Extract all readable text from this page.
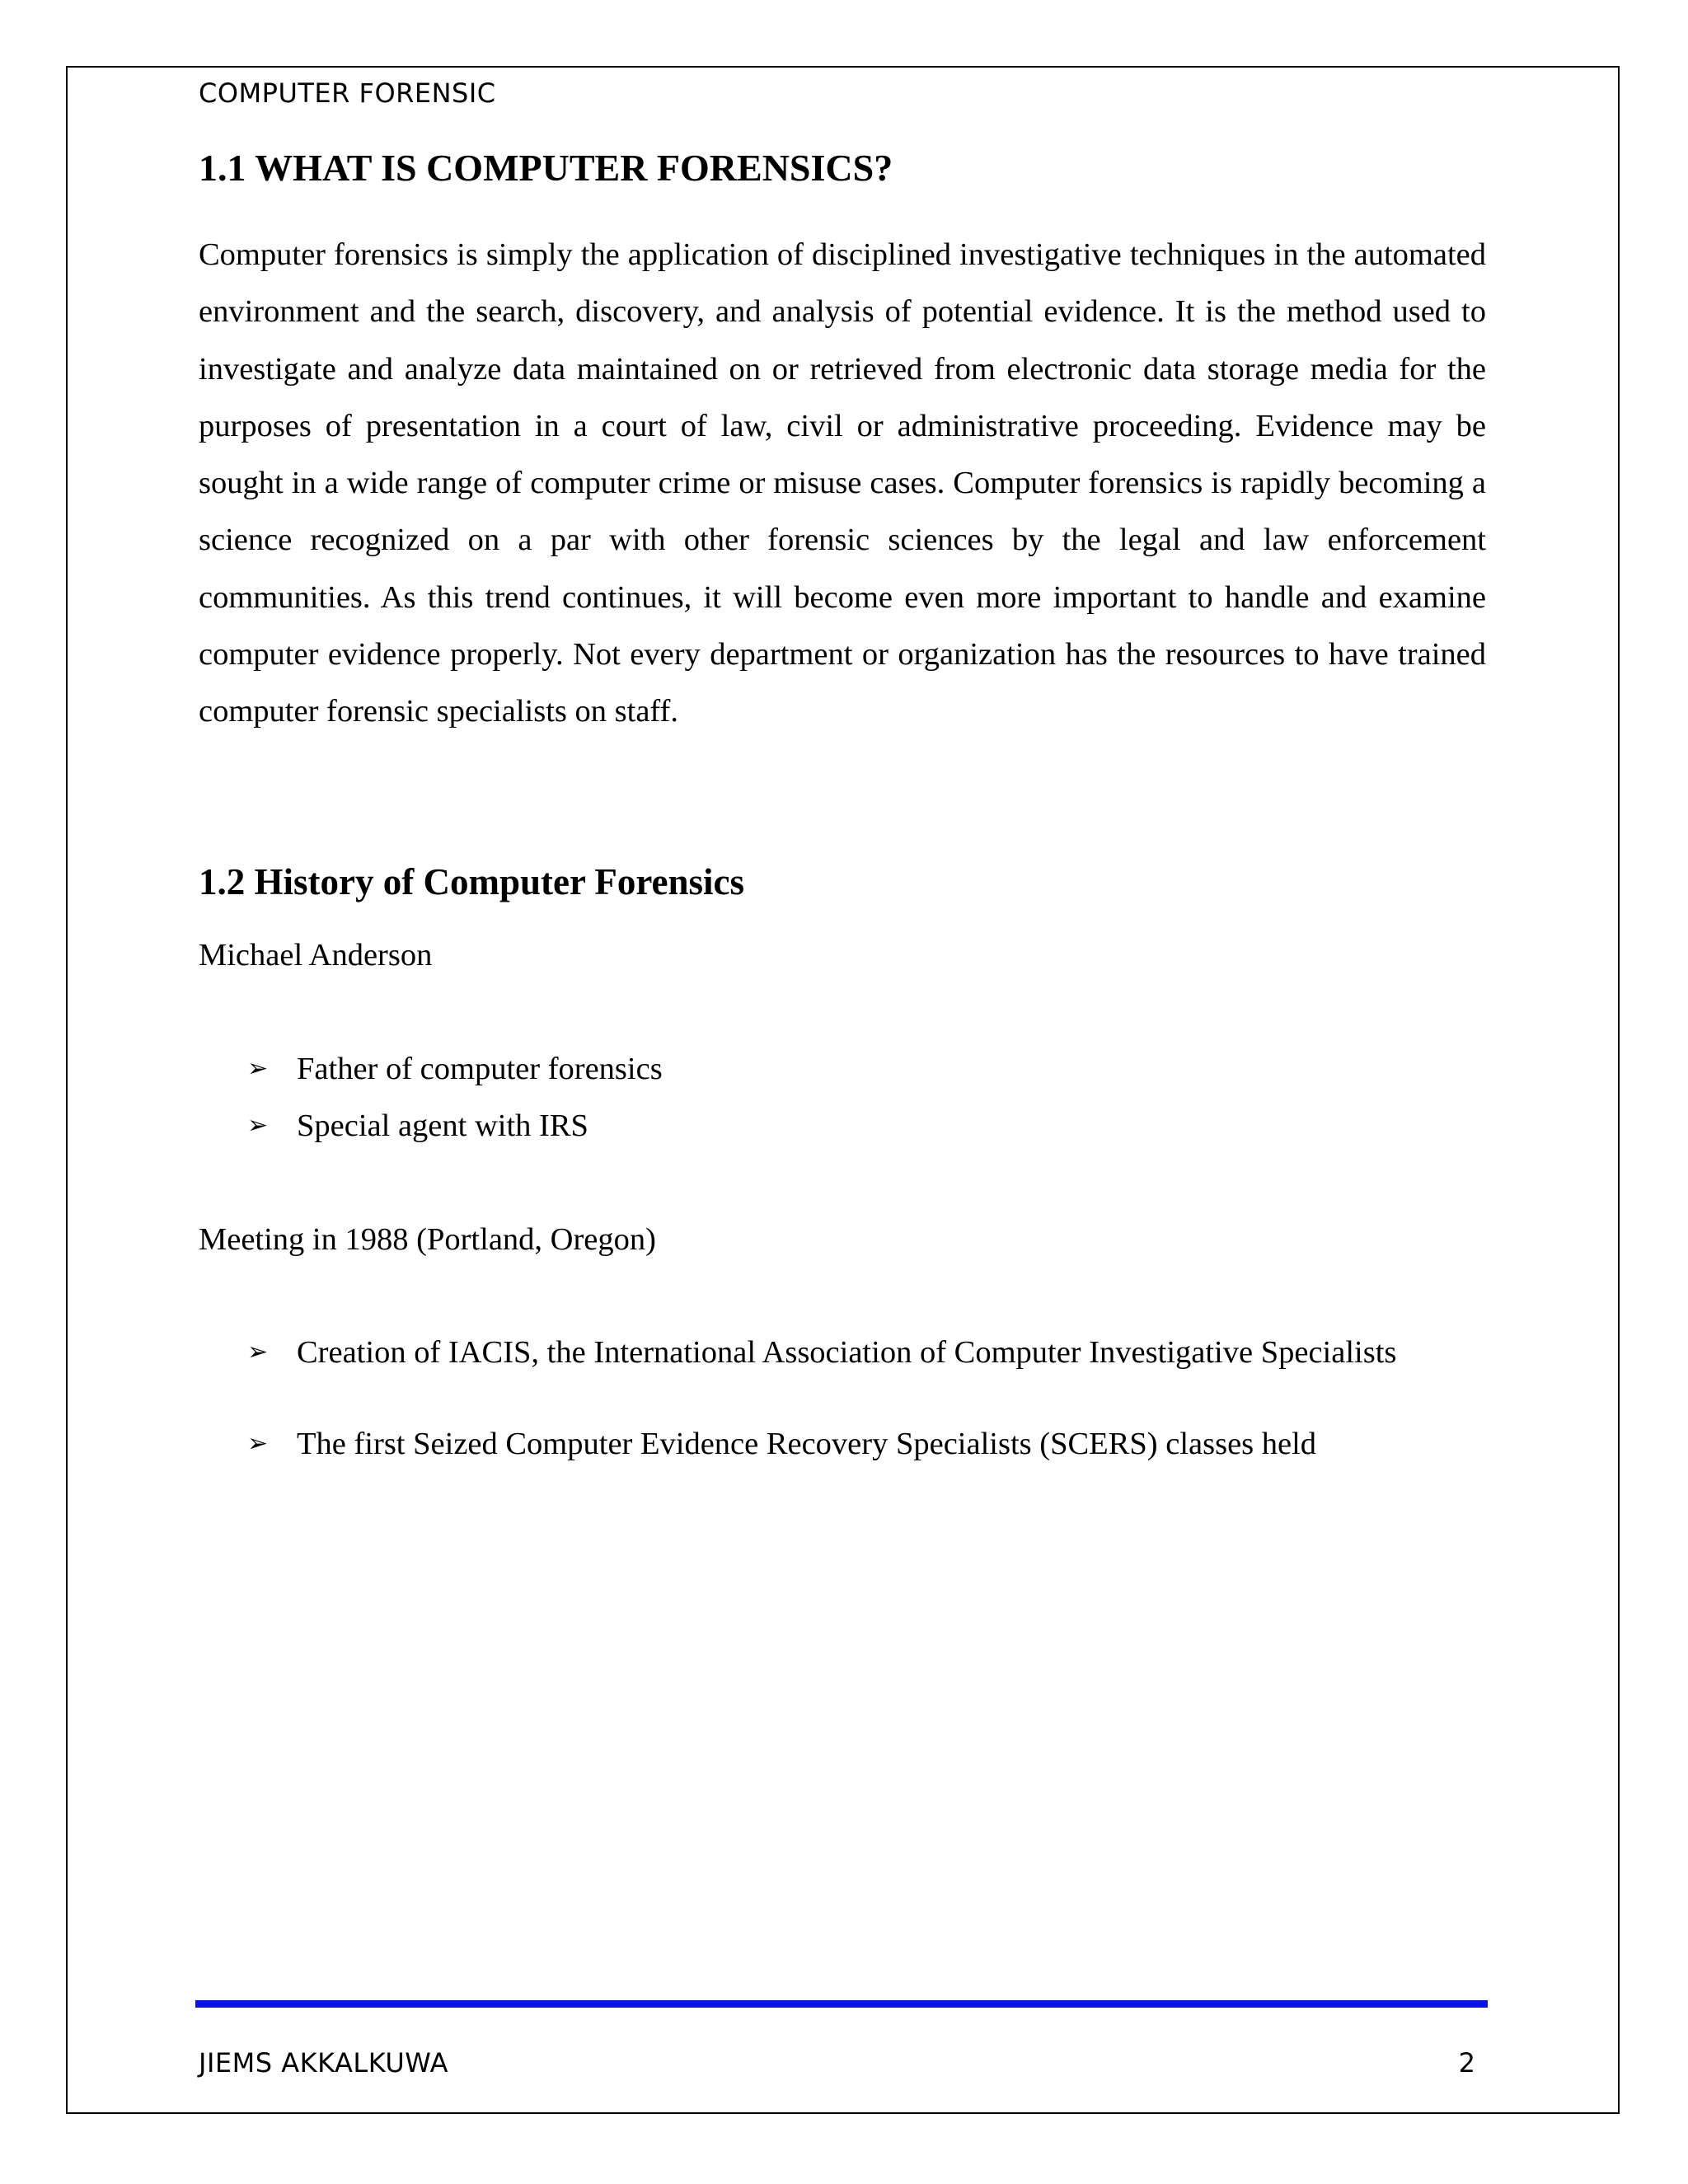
COMPUTER FORENSIC
1.1 WHAT IS COMPUTER FORENSICS?

Computer forensics is simply the application of disciplined investigative techniques in the automated environment and the search, discovery, and analysis of potential evidence. It is the method used to investigate and analyze data maintained on or retrieved from electronic data storage media for the purposes of presentation in a court of law, civil or administrative proceeding. Evidence may be sought in a wide range of computer crime or misuse cases. Computer forensics is rapidly becoming a science recognized on a par with other forensic sciences by the legal and law enforcement communities. As this trend continues, it will become even more important to handle and examine computer evidence properly. Not every department or organization has the resources to have trained computer forensic specialists on staff.

1.2 History of Computer Forensics

Michael Anderson

➢ Father of computer forensics
➢ Special agent with IRS

Meeting in 1988 (Portland, Oregon)

➢ Creation of IACIS, the International Association of Computer Investigative Specialists
➢ The first Seized Computer Evidence Recovery Specialists (SCERS) classes held
JIEMS AKKALKUWA	2
